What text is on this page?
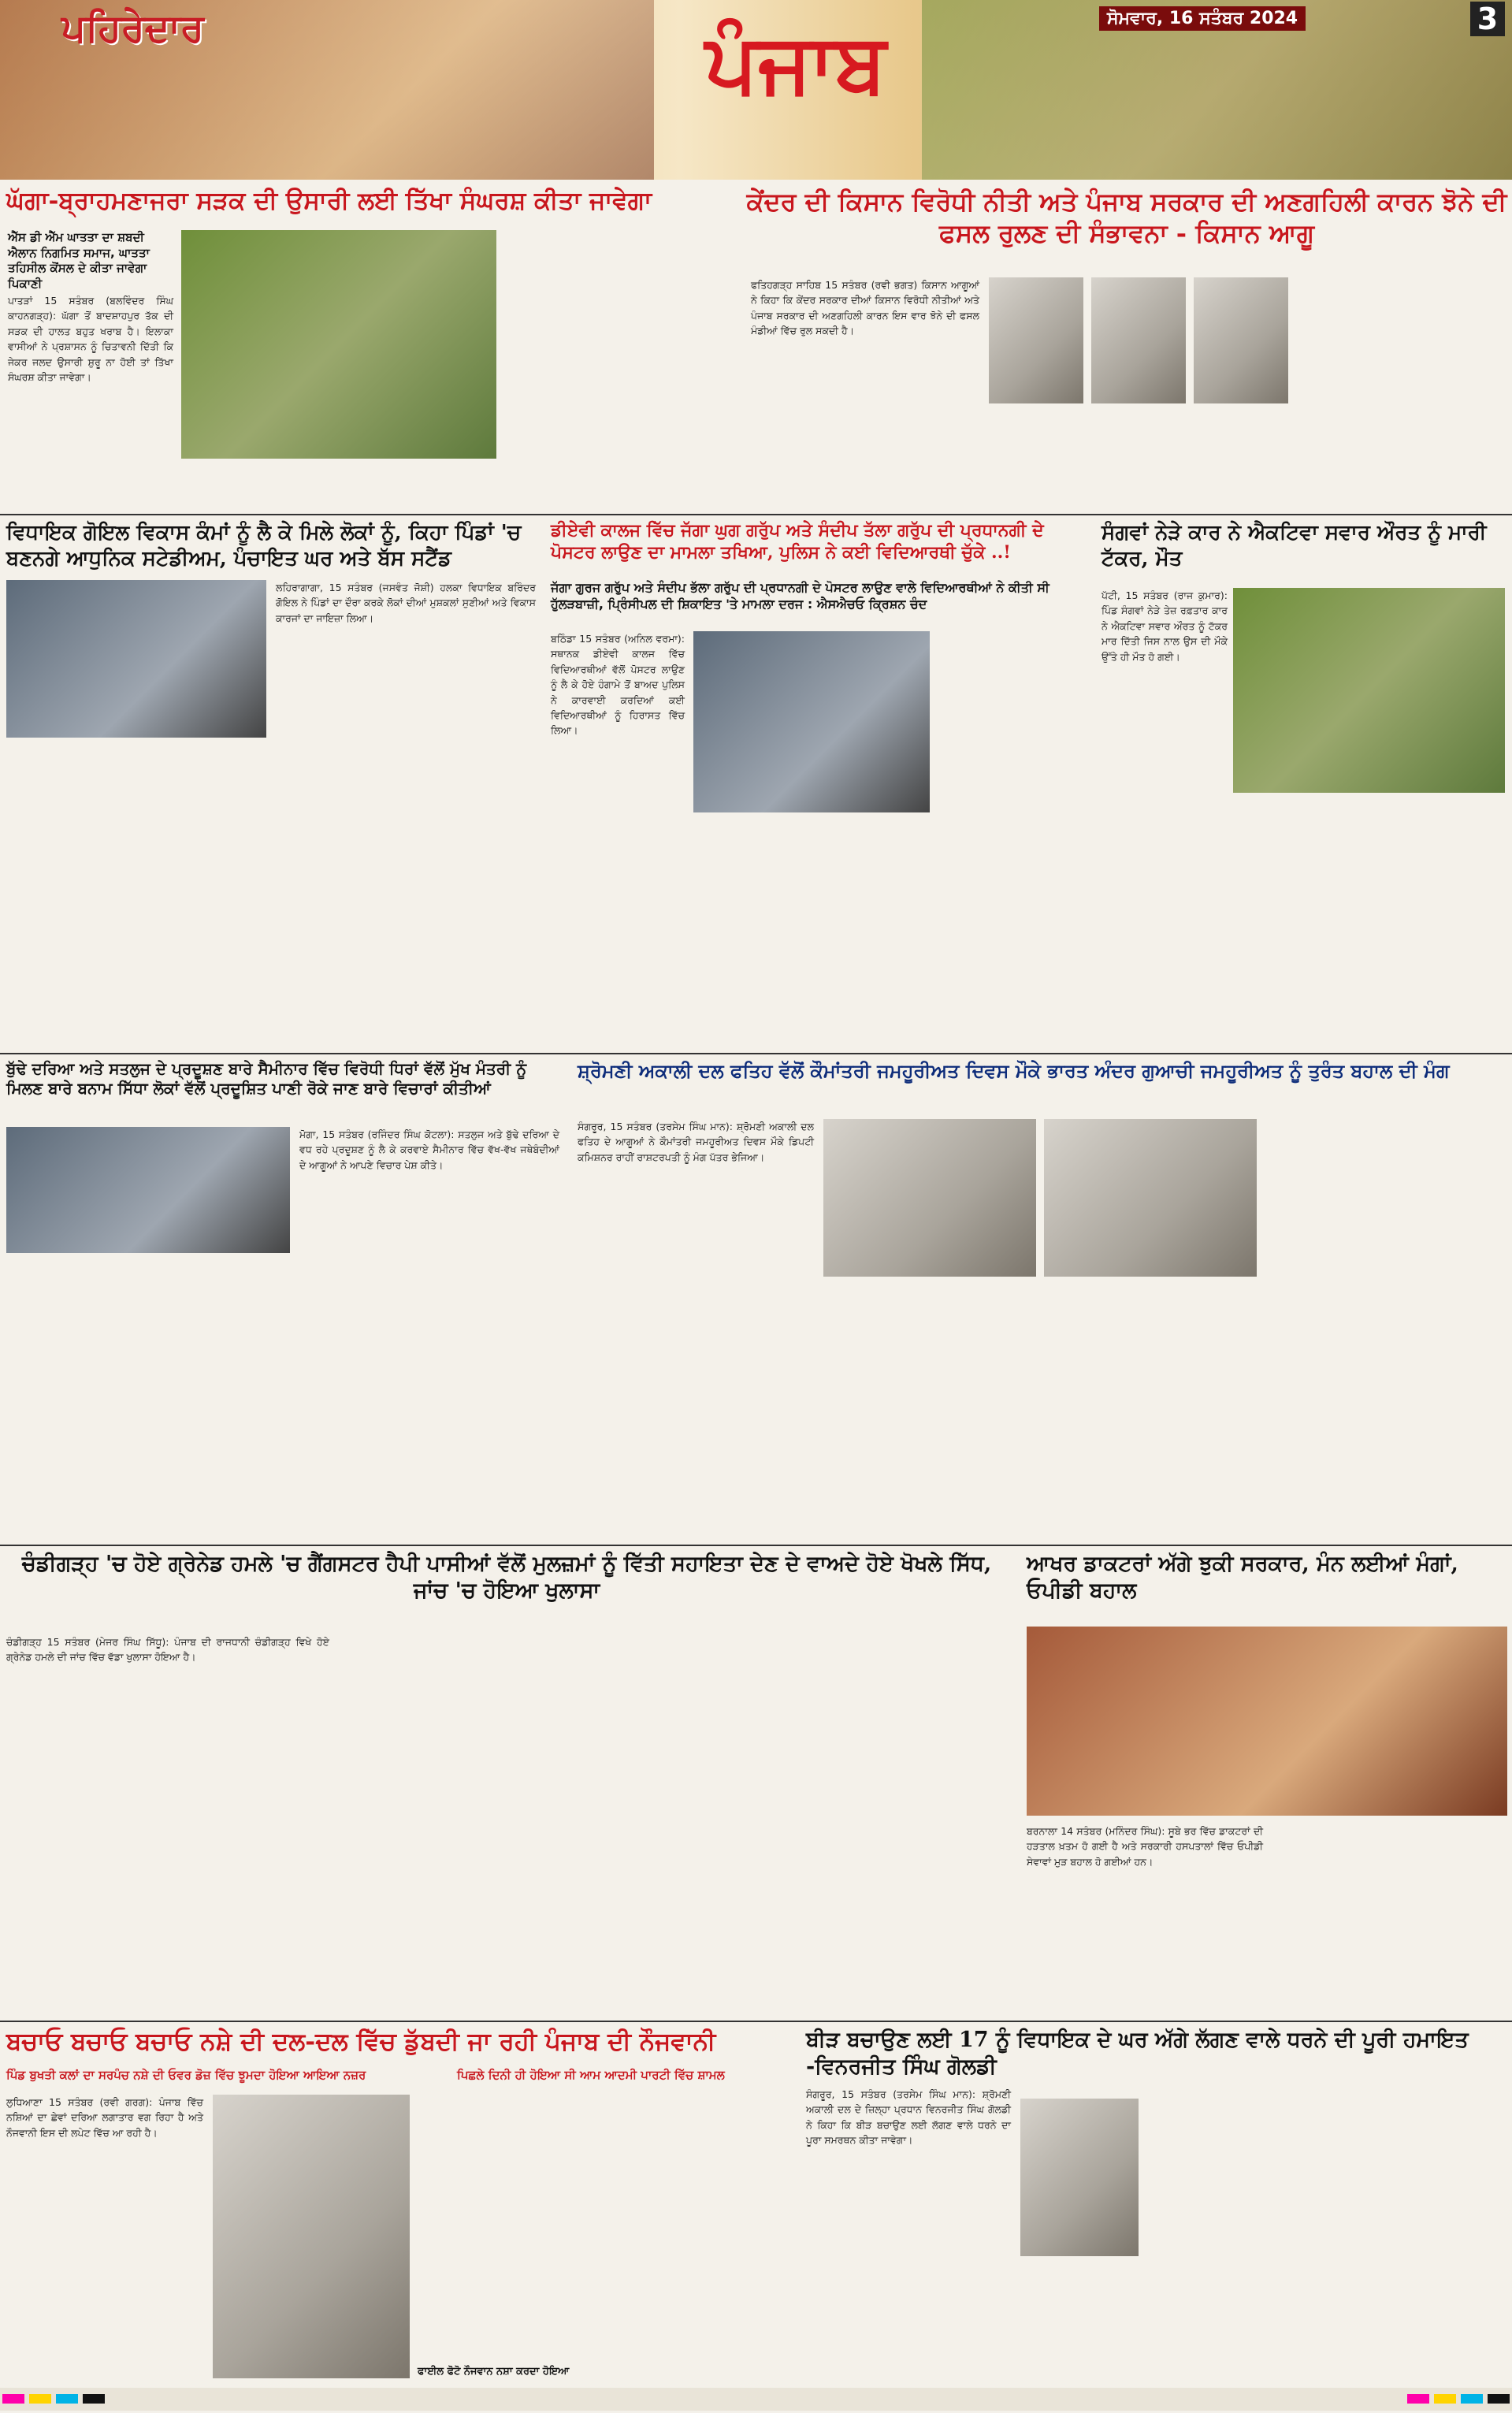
ਪਹਿਰੇਦਾਰ	ਪੰਜਾਬ	ਸੋਮਵਾਰ, 16 ਸਤੰਬਰ 2024	3
ਘੱਗਾ-ਬ੍ਰਾਹਮਣਾਜਰਾ ਸੜਕ ਦੀ ਉਸਾਰੀ ਲਈ ਤਿੱਖਾ ਸੰਘਰਸ਼ ਕੀਤਾ ਜਾਵੇਗਾ
ਐੱਸ ਡੀ ਐੱਮ ਘਾਤਤਾ ਦਾ ਸ਼ਬਦੀ ਐਲਾਨ ਨਿਗਮਿਤ ਸਮਾਜ, ਘਾਤਤਾ ਤਹਿਸੀਲ ਕੋਂਸਲ ਦੇ ਕੀਤਾ ਜਾਵੇਗਾ ਪਿਕਾਣੀ
ਪਾਤੜਾਂ 15 ਸਤੰਬਰ (ਬਲਵਿੰਦਰ ਸਿੰਘ ਕਾਹਨਗੜ੍ਹ): ਘੱਗਾ ਤੋਂ ਬਾਦਸ਼ਾਹਪੁਰ ਤੱਕ ਦੀ ਸੜਕ ਦੀ ਹਾਲਤ ਬਹੁਤ ਖਰਾਬ ਹੈ। ਇਲਾਕਾ ਵਾਸੀਆਂ ਨੇ ਪ੍ਰਸ਼ਾਸਨ ਨੂੰ ਚਿਤਾਵਨੀ ਦਿੱਤੀ ਕਿ ਜੇਕਰ ਜਲਦ ਉਸਾਰੀ ਸ਼ੁਰੂ ਨਾ ਹੋਈ ਤਾਂ ਤਿੱਖਾ ਸੰਘਰਸ਼ ਕੀਤਾ ਜਾਵੇਗਾ।
ਕੇਂਦਰ ਦੀ ਕਿਸਾਨ ਵਿਰੋਧੀ ਨੀਤੀ ਅਤੇ ਪੰਜਾਬ ਸਰਕਾਰ ਦੀ ਅਣਗਹਿਲੀ ਕਾਰਨ ਝੋਨੇ ਦੀ ਫਸਲ ਰੁਲਣ ਦੀ ਸੰਭਾਵਨਾ - ਕਿਸਾਨ ਆਗੂ
ਫਤਿਹਗੜ੍ਹ ਸਾਹਿਬ 15 ਸਤੰਬਰ (ਰਵੀ ਭਗਤ) ਕਿਸਾਨ ਆਗੂਆਂ ਨੇ ਕਿਹਾ ਕਿ ਕੇਂਦਰ ਸਰਕਾਰ ਦੀਆਂ ਕਿਸਾਨ ਵਿਰੋਧੀ ਨੀਤੀਆਂ ਅਤੇ ਪੰਜਾਬ ਸਰਕਾਰ ਦੀ ਅਣਗਹਿਲੀ ਕਾਰਨ ਇਸ ਵਾਰ ਝੋਨੇ ਦੀ ਫਸਲ ਮੰਡੀਆਂ ਵਿੱਚ ਰੁਲ ਸਕਦੀ ਹੈ।
ਵਿਧਾਇਕ ਗੋਇਲ ਵਿਕਾਸ ਕੰਮਾਂ ਨੂੰ ਲੈ ਕੇ ਮਿਲੇ ਲੋਕਾਂ ਨੂੰ, ਕਿਹਾ ਪਿੰਡਾਂ 'ਚ ਬਣਨਗੇ ਆਧੁਨਿਕ ਸਟੇਡੀਅਮ, ਪੰਚਾਇਤ ਘਰ ਅਤੇ ਬੱਸ ਸਟੈਂਡ
ਲਹਿਰਾਗਾਗਾ, 15 ਸਤੰਬਰ (ਜਸਵੰਤ ਜੋਸ਼ੀ) ਹਲਕਾ ਵਿਧਾਇਕ ਬਰਿੰਦਰ ਗੋਇਲ ਨੇ ਪਿੰਡਾਂ ਦਾ ਦੌਰਾ ਕਰਕੇ ਲੋਕਾਂ ਦੀਆਂ ਮੁਸ਼ਕਲਾਂ ਸੁਣੀਆਂ ਅਤੇ ਵਿਕਾਸ ਕਾਰਜਾਂ ਦਾ ਜਾਇਜ਼ਾ ਲਿਆ।
ਡੀਏਵੀ ਕਾਲਜ ਵਿੱਚ ਜੱਗਾ ਘੁਗ ਗਰੁੱਪ ਅਤੇ ਸੰਦੀਪ ਤੱਲਾ ਗਰੁੱਪ ਦੀ ਪ੍ਰਧਾਨਗੀ ਦੇ ਪੋਸਟਰ ਲਾਉਣ ਦਾ ਮਾਮਲਾ ਤਖਿਆ, ਪੁਲਿਸ ਨੇ ਕਈ ਵਿਦਿਆਰਥੀ ਚੁੱਕੇ ..!
ਜੱਗਾ ਗੁਰਜ ਗਰੁੱਪ ਅਤੇ ਸੰਦੀਪ ਭੱਲਾ ਗਰੁੱਪ ਦੀ ਪ੍ਰਧਾਨਗੀ ਦੇ ਪੋਸਟਰ ਲਾਉਣ ਵਾਲੇ ਵਿਦਿਆਰਥੀਆਂ ਨੇ ਕੀਤੀ ਸੀ ਹੁੱਲੜਬਾਜ਼ੀ, ਪ੍ਰਿੰਸੀਪਲ ਦੀ ਸ਼ਿਕਾਇਤ 'ਤੇ ਮਾਮਲਾ ਦਰਜ : ਐਸਐਚਓ ਕ੍ਰਿਸ਼ਨ ਚੰਦ
ਬਠਿੰਡਾ 15 ਸਤੰਬਰ (ਅਨਿਲ ਵਰਮਾ): ਸਥਾਨਕ ਡੀਏਵੀ ਕਾਲਜ ਵਿੱਚ ਵਿਦਿਆਰਥੀਆਂ ਵੱਲੋਂ ਪੋਸਟਰ ਲਾਉਣ ਨੂੰ ਲੈ ਕੇ ਹੋਏ ਹੰਗਾਮੇ ਤੋਂ ਬਾਅਦ ਪੁਲਿਸ ਨੇ ਕਾਰਵਾਈ ਕਰਦਿਆਂ ਕਈ ਵਿਦਿਆਰਥੀਆਂ ਨੂੰ ਹਿਰਾਸਤ ਵਿੱਚ ਲਿਆ।
ਸੰਗਵਾਂ ਨੇੜੇ ਕਾਰ ਨੇ ਐਕਟਿਵਾ ਸਵਾਰ ਔਰਤ ਨੂੰ ਮਾਰੀ ਟੱਕਰ, ਮੌਤ
ਪੱਟੀ, 15 ਸਤੰਬਰ (ਰਾਜ ਕੁਮਾਰ): ਪਿੰਡ ਸੰਗਵਾਂ ਨੇੜੇ ਤੇਜ਼ ਰਫ਼ਤਾਰ ਕਾਰ ਨੇ ਐਕਟਿਵਾ ਸਵਾਰ ਔਰਤ ਨੂੰ ਟੱਕਰ ਮਾਰ ਦਿੱਤੀ ਜਿਸ ਨਾਲ ਉਸ ਦੀ ਮੌਕੇ ਉੱਤੇ ਹੀ ਮੌਤ ਹੋ ਗਈ।
ਬੁੱਢੇ ਦਰਿਆ ਅਤੇ ਸਤਲੁਜ ਦੇ ਪ੍ਰਦੂਸ਼ਣ ਬਾਰੇ ਸੈਮੀਨਾਰ ਵਿੱਚ ਵਿਰੋਧੀ ਧਿਰਾਂ ਵੱਲੋਂ ਮੁੱਖ ਮੰਤਰੀ ਨੂੰ ਮਿਲਣ ਬਾਰੇ ਬਨਾਮ ਸਿੱਧਾ ਲੋਕਾਂ ਵੱਲੋਂ ਪ੍ਰਦੂਸ਼ਿਤ ਪਾਣੀ ਰੋਕੇ ਜਾਣ ਬਾਰੇ ਵਿਚਾਰਾਂ ਕੀਤੀਆਂ
ਮੋਗਾ, 15 ਸਤੰਬਰ (ਰਜਿੰਦਰ ਸਿੰਘ ਕੋਟਲਾ): ਸਤਲੁਜ ਅਤੇ ਬੁੱਢੇ ਦਰਿਆ ਦੇ ਵਧ ਰਹੇ ਪ੍ਰਦੂਸ਼ਣ ਨੂੰ ਲੈ ਕੇ ਕਰਵਾਏ ਸੈਮੀਨਾਰ ਵਿੱਚ ਵੱਖ-ਵੱਖ ਜਥੇਬੰਦੀਆਂ ਦੇ ਆਗੂਆਂ ਨੇ ਆਪਣੇ ਵਿਚਾਰ ਪੇਸ਼ ਕੀਤੇ।
ਸ਼੍ਰੋਮਣੀ ਅਕਾਲੀ ਦਲ ਫਤਿਹ ਵੱਲੋਂ ਕੌਮਾਂਤਰੀ ਜਮਹੂਰੀਅਤ ਦਿਵਸ ਮੌਕੇ ਭਾਰਤ ਅੰਦਰ ਗੁਆਚੀ ਜਮਹੂਰੀਅਤ ਨੂੰ ਤੁਰੰਤ ਬਹਾਲ ਦੀ ਮੰਗ
ਸੰਗਰੂਰ, 15 ਸਤੰਬਰ (ਤਰਸੇਮ ਸਿੰਘ ਮਾਨ): ਸ਼੍ਰੋਮਣੀ ਅਕਾਲੀ ਦਲ ਫਤਿਹ ਦੇ ਆਗੂਆਂ ਨੇ ਕੌਮਾਂਤਰੀ ਜਮਹੂਰੀਅਤ ਦਿਵਸ ਮੌਕੇ ਡਿਪਟੀ ਕਮਿਸ਼ਨਰ ਰਾਹੀਂ ਰਾਸ਼ਟਰਪਤੀ ਨੂੰ ਮੰਗ ਪੱਤਰ ਭੇਜਿਆ।
ਚੰਡੀਗੜ੍ਹ 'ਚ ਹੋਏ ਗ੍ਰੇਨੇਡ ਹਮਲੇ 'ਚ ਗੈਂਗਸਟਰ ਹੈਪੀ ਪਾਸੀਆਂ ਵੱਲੋਂ ਮੁਲਜ਼ਮਾਂ ਨੂੰ ਵਿੱਤੀ ਸਹਾਇਤਾ ਦੇਣ ਦੇ ਵਾਅਦੇ ਹੋਏ ਖੋਖਲੇ ਸਿੱਧ, ਜਾਂਚ 'ਚ ਹੋਇਆ ਖੁਲਾਸਾ
ਚੰਡੀਗੜ੍ਹ 15 ਸਤੰਬਰ (ਮੇਜਰ ਸਿੰਘ ਸਿੱਧੂ): ਪੰਜਾਬ ਦੀ ਰਾਜਧਾਨੀ ਚੰਡੀਗੜ੍ਹ ਵਿਖੇ ਹੋਏ ਗ੍ਰੇਨੇਡ ਹਮਲੇ ਦੀ ਜਾਂਚ ਵਿੱਚ ਵੱਡਾ ਖੁਲਾਸਾ ਹੋਇਆ ਹੈ।
ਆਖਰ ਡਾਕਟਰਾਂ ਅੱਗੇ ਝੁਕੀ ਸਰਕਾਰ, ਮੰਨ ਲਈਆਂ ਮੰਗਾਂ, ਓਪੀਡੀ ਬਹਾਲ
ਬਰਨਾਲਾ 14 ਸਤੰਬਰ (ਮਨਿੰਦਰ ਸਿੰਘ): ਸੂਬੇ ਭਰ ਵਿੱਚ ਡਾਕਟਰਾਂ ਦੀ ਹੜਤਾਲ ਖ਼ਤਮ ਹੋ ਗਈ ਹੈ ਅਤੇ ਸਰਕਾਰੀ ਹਸਪਤਾਲਾਂ ਵਿੱਚ ਓਪੀਡੀ ਸੇਵਾਵਾਂ ਮੁੜ ਬਹਾਲ ਹੋ ਗਈਆਂ ਹਨ।
ਬਚਾਓ ਬਚਾਓ ਬਚਾਓ ਨਸ਼ੇ ਦੀ ਦਲ-ਦਲ ਵਿੱਚ ਡੁੱਬਦੀ ਜਾ ਰਹੀ ਪੰਜਾਬ ਦੀ ਨੌਜਵਾਨੀ
ਪਿੰਡ ਬੁਖਤੀ ਕਲਾਂ ਦਾ ਸਰਪੰਚ ਨਸ਼ੇ ਦੀ ਓਵਰ ਡੋਜ਼ ਵਿੱਚ ਝੂਮਦਾ ਹੋਇਆ ਆਇਆ ਨਜ਼ਰ	ਪਿਛਲੇ ਦਿਨੀ ਹੀ ਹੋਇਆ ਸੀ ਆਮ ਆਦਮੀ ਪਾਰਟੀ ਵਿੱਚ ਸ਼ਾਮਲ
ਲੁਧਿਆਣਾ 15 ਸਤੰਬਰ (ਰਵੀ ਗਰਗ): ਪੰਜਾਬ ਵਿੱਚ ਨਸ਼ਿਆਂ ਦਾ ਛੇਵਾਂ ਦਰਿਆ ਲਗਾਤਾਰ ਵਗ ਰਿਹਾ ਹੈ ਅਤੇ ਨੌਜਵਾਨੀ ਇਸ ਦੀ ਲਪੇਟ ਵਿੱਚ ਆ ਰਹੀ ਹੈ।
ਫਾਈਲ ਫੋਟੋ ਨੌਜਵਾਨ ਨਸ਼ਾ ਕਰਦਾ ਹੋਇਆ
ਬੀੜ ਬਚਾਉਣ ਲਈ 17 ਨੂੰ ਵਿਧਾਇਕ ਦੇ ਘਰ ਅੱਗੇ ਲੱਗਣ ਵਾਲੇ ਧਰਨੇ ਦੀ ਪੂਰੀ ਹਮਾਇਤ -ਵਿਨਰਜੀਤ ਸਿੰਘ ਗੋਲਡੀ
ਸੰਗਰੂਰ, 15 ਸਤੰਬਰ (ਤਰਸੇਮ ਸਿੰਘ ਮਾਨ): ਸ਼੍ਰੋਮਣੀ ਅਕਾਲੀ ਦਲ ਦੇ ਜ਼ਿਲ੍ਹਾ ਪ੍ਰਧਾਨ ਵਿਨਰਜੀਤ ਸਿੰਘ ਗੋਲਡੀ ਨੇ ਕਿਹਾ ਕਿ ਬੀੜ ਬਚਾਉਣ ਲਈ ਲੱਗਣ ਵਾਲੇ ਧਰਨੇ ਦਾ ਪੂਰਾ ਸਮਰਥਨ ਕੀਤਾ ਜਾਵੇਗਾ।
